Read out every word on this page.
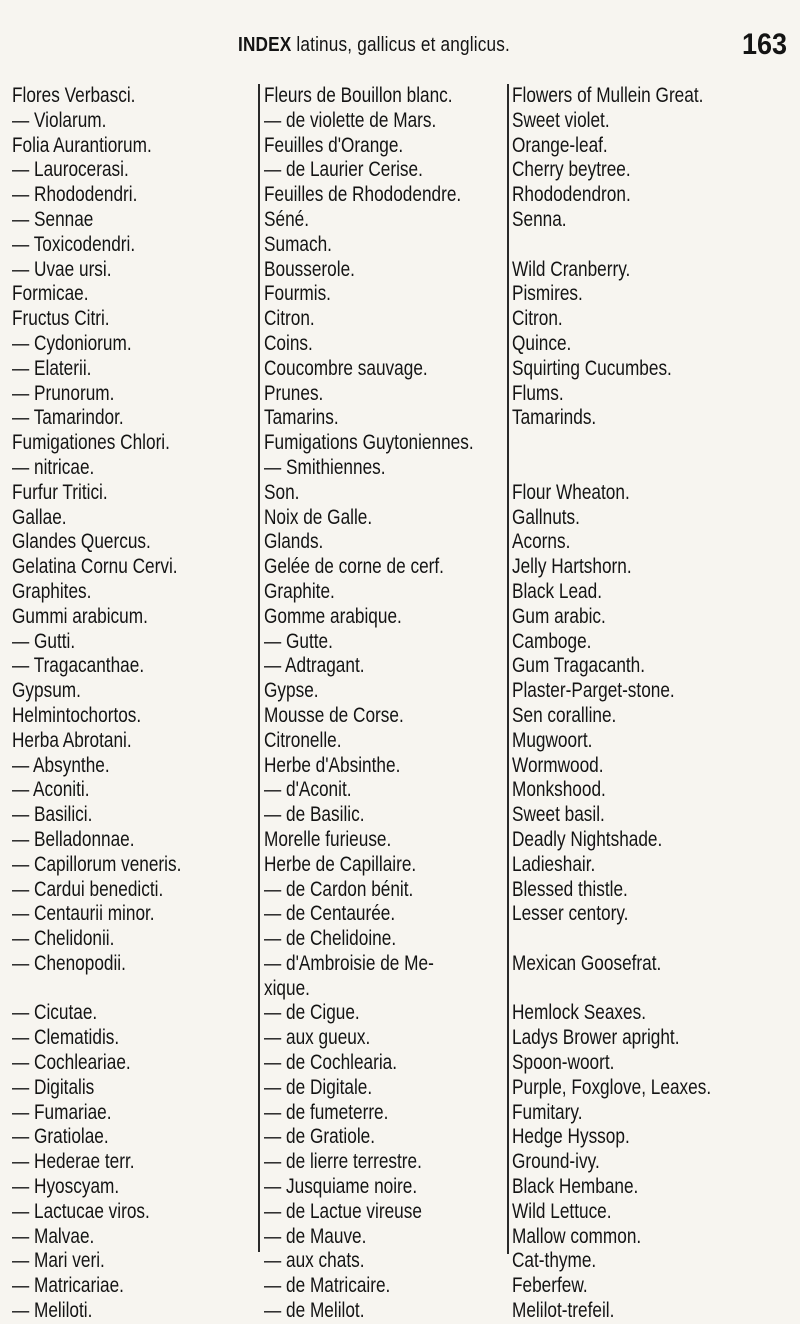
INDEX latinus, gallicus et anglicus.	163
Flores Verbasci.
— Violarum.
Folia Aurantiorum.
— Laurocerasi.
— Rhododendri.
— Sennae
— Toxicodendri.
— Uvae ursi.
Formicae.
Fructus Citri.
— Cydoniorum.
— Elaterii.
— Prunorum.
— Tamarindor.
Fumigationes Chlori.
— nitricae.
Furfur Tritici.
Gallae.
Glandes Quercus.
Gelatina Cornu Cervi.
Graphites.
Gummi arabicum.
— Gutti.
— Tragacanthae.
Gypsum.
Helmintochortos.
Herba Abrotani.
— Absynthe.
— Aconiti.
— Basilici.
— Belladonnae.
— Capillorum veneris.
— Cardui benedicti.
— Centaurii minor.
— Chelidonii.
— Chenopodii.
— Cicutae.
— Clematidis.
— Cochleariae.
— Digitalis
— Fumariae.
— Gratiolae.
— Hederae terr.
— Hyoscyam.
— Lactucae viros.
— Malvae.
— Mari veri.
— Matricariae.
— Meliloti.
Fleurs de Bouillon blanc.
— de violette de Mars.
Feuilles d'Orange.
— de Laurier Cerise.
Feuilles de Rhododendre.
Séné.
Sumach.
Bousserole.
Fourmis.
Citron.
Coins.
Coucombre sauvage.
Prunes.
Tamarins.
Fumigations Guytoniennes.
— Smithiennes.
Son.
Noix de Galle.
Glands.
Gelée de corne de cerf.
Graphite.
Gomme arabique.
— Gutte.
— Adtragant.
Gypse.
Mousse de Corse.
Citronelle.
Herbe d'Absinthe.
— d'Aconit.
— de Basilic.
Morelle furieuse.
Herbe de Capillaire.
— de Cardon bénit.
— de Centaurée.
— de Chelidoine.
— d'Ambroisie de Me-
xique.
— de Cigue.
— aux gueux.
— de Cochlearia.
— de Digitale.
— de fumeterre.
— de Gratiole.
— de lierre terrestre.
— Jusquiame noire.
— de Lactue vireuse
— de Mauve.
— aux chats.
— de Matricaire.
— de Melilot.
Flowers of Mullein Great.
Sweet violet.
Orange-leaf.
Cherry beytree.
Rhododendron.
Senna.
Wild Cranberry.
Pismires.
Citron.
Quince.
Squirting Cucumbes.
Flums.
Tamarinds.
Flour Wheaton.
Gallnuts.
Acorns.
Jelly Hartshorn.
Black Lead.
Gum arabic.
Camboge.
Gum Tragacanth.
Plaster-Parget-stone.
Sen coralline.
Mugwoort.
Wormwood.
Monkshood.
Sweet basil.
Deadly Nightshade.
Ladieshair.
Blessed thistle.
Lesser centory.
Mexican Goosefrat.
Hemlock Seaxes.
Ladys Brower apright.
Spoon-woort.
Purple, Foxglove, Leaxes.
Fumitary.
Hedge Hyssop.
Ground-ivy.
Black Hembane.
Wild Lettuce.
Mallow common.
Cat-thyme.
Feberfew.
Melilot-trefeil.
